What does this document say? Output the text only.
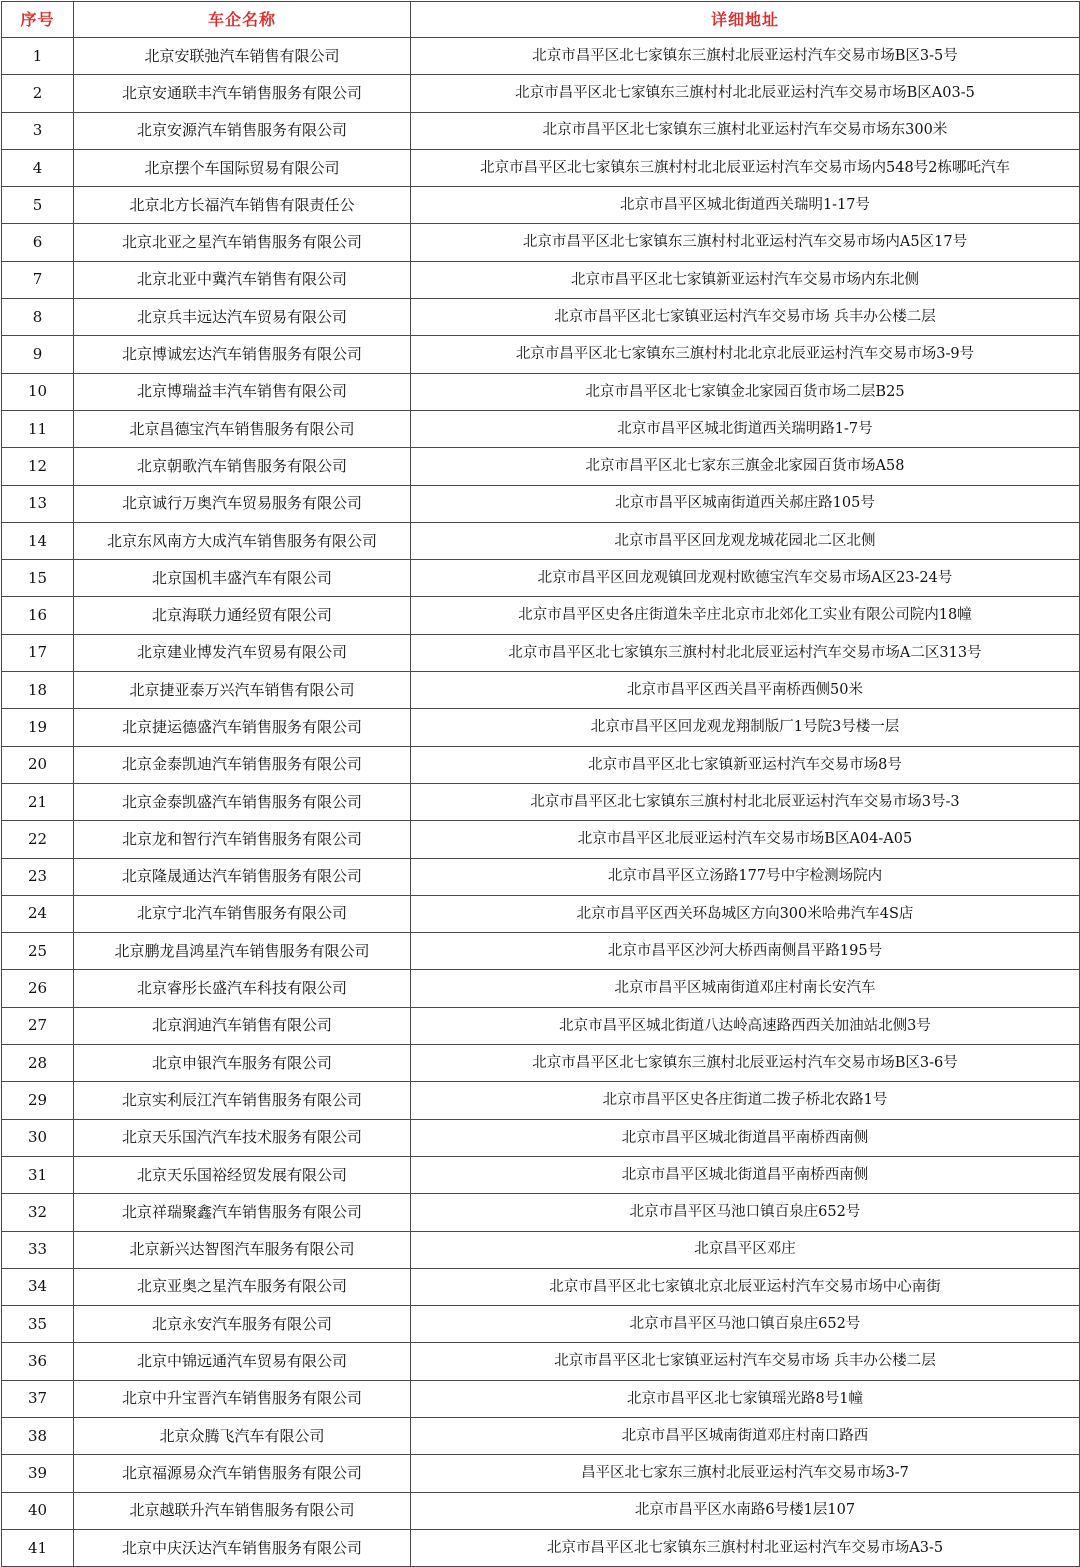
序号	车企名称	详细地址
1	北京安联弛汽车销售有限公司	北京市昌平区北七家镇东三旗村北辰亚运村汽车交易市场B区3-5号
2	北京安通联丰汽车销售服务有限公司	北京市昌平区北七家镇东三旗村村北北辰亚运村汽车交易市场B区A03-5
3	北京安源汽车销售服务有限公司	北京市昌平区北七家镇东三旗村北亚运村汽车交易市场东300米
4	北京摆个车国际贸易有限公司	北京市昌平区北七家镇东三旗村村北北辰亚运村汽车交易市场内548号2栋哪吒汽车
5	北京北方长福汽车销售有限责任公	北京市昌平区城北街道西关瑞明1-17号
6	北京北亚之星汽车销售服务有限公司	北京市昌平区北七家镇东三旗村村北亚运村汽车交易市场内A5区17号
7	北京北亚中冀汽车销售有限公司	北京市昌平区北七家镇新亚运村汽车交易市场内东北侧
8	北京兵丰远达汽车贸易有限公司	北京市昌平区北七家镇亚运村汽车交易市场 兵丰办公楼二层
9	北京博诚宏达汽车销售服务有限公司	北京市昌平区北七家镇东三旗村村北北京北辰亚运村汽车交易市场3-9号
10	北京博瑞益丰汽车销售有限公司	北京市昌平区北七家镇金北家园百货市场二层B25
11	北京昌德宝汽车销售服务有限公司	北京市昌平区城北街道西关瑞明路1-7号
12	北京朝歌汽车销售服务有限公司	北京市昌平区北七家东三旗金北家园百货市场A58
13	北京诚行万奥汽车贸易服务有限公司	北京市昌平区城南街道西关郝庄路105号
14	北京东风南方大成汽车销售服务有限公司	北京市昌平区回龙观龙城花园北二区北侧
15	北京国机丰盛汽车有限公司	北京市昌平区回龙观镇回龙观村欧德宝汽车交易市场A区23-24号
16	北京海联力通经贸有限公司	北京市昌平区史各庄街道朱辛庄北京市北郊化工实业有限公司院内18幢
17	北京建业博发汽车贸易有限公司	北京市昌平区北七家镇东三旗村村北北辰亚运村汽车交易市场A二区313号
18	北京捷亚泰万兴汽车销售有限公司	北京市昌平区西关昌平南桥西侧50米
19	北京捷运德盛汽车销售服务有限公司	北京市昌平区回龙观龙翔制版厂1号院3号楼一层
20	北京金泰凯迪汽车销售服务有限公司	北京市昌平区北七家镇新亚运村汽车交易市场8号
21	北京金泰凯盛汽车销售服务有限公司	北京市昌平区北七家镇东三旗村村北北辰亚运村汽车交易市场3号-3
22	北京龙和智行汽车销售服务有限公司	北京市昌平区北辰亚运村汽车交易市场B区A04-A05
23	北京隆晟通达汽车销售服务有限公司	北京市昌平区立汤路177号中宇检测场院内
24	北京宁北汽车销售服务有限公司	北京市昌平区西关环岛城区方向300米哈弗汽车4S店
25	北京鹏龙昌鸿星汽车销售服务有限公司	北京市昌平区沙河大桥西南侧昌平路195号
26	北京睿彤长盛汽车科技有限公司	北京市昌平区城南街道邓庄村南长安汽车
27	北京润迪汽车销售有限公司	北京市昌平区城北街道八达岭高速路西西关加油站北侧3号
28	北京申银汽车服务有限公司	北京市昌平区北七家镇东三旗村北辰亚运村汽车交易市场B区3-6号
29	北京实利辰江汽车销售服务有限公司	北京市昌平区史各庄街道二拨子桥北农路1号
30	北京天乐国汽汽车技术服务有限公司	北京市昌平区城北街道昌平南桥西南侧
31	北京天乐国裕经贸发展有限公司	北京市昌平区城北街道昌平南桥西南侧
32	北京祥瑞聚鑫汽车销售服务有限公司	北京市昌平区马池口镇百泉庄652号
33	北京新兴达智图汽车服务有限公司	北京昌平区邓庄
34	北京亚奥之星汽车服务有限公司	北京市昌平区北七家镇北京北辰亚运村汽车交易市场中心南街
35	北京永安汽车服务有限公司	北京市昌平区马池口镇百泉庄652号
36	北京中锦远通汽车贸易有限公司	北京市昌平区北七家镇亚运村汽车交易市场 兵丰办公楼二层
37	北京中升宝晋汽车销售服务有限公司	北京市昌平区北七家镇瑶光路8号1幢
38	北京众腾飞汽车有限公司	北京市昌平区城南街道邓庄村南口路西
39	北京福源易众汽车销售服务有限公司	昌平区北七家东三旗村北辰亚运村汽车交易市场3-7
40	北京越联升汽车销售服务有限公司	北京市昌平区水南路6号楼1层107
41	北京中庆沃达汽车销售服务有限公司	北京市昌平区北七家镇东三旗村村北亚运村汽车交易市场A3-5
